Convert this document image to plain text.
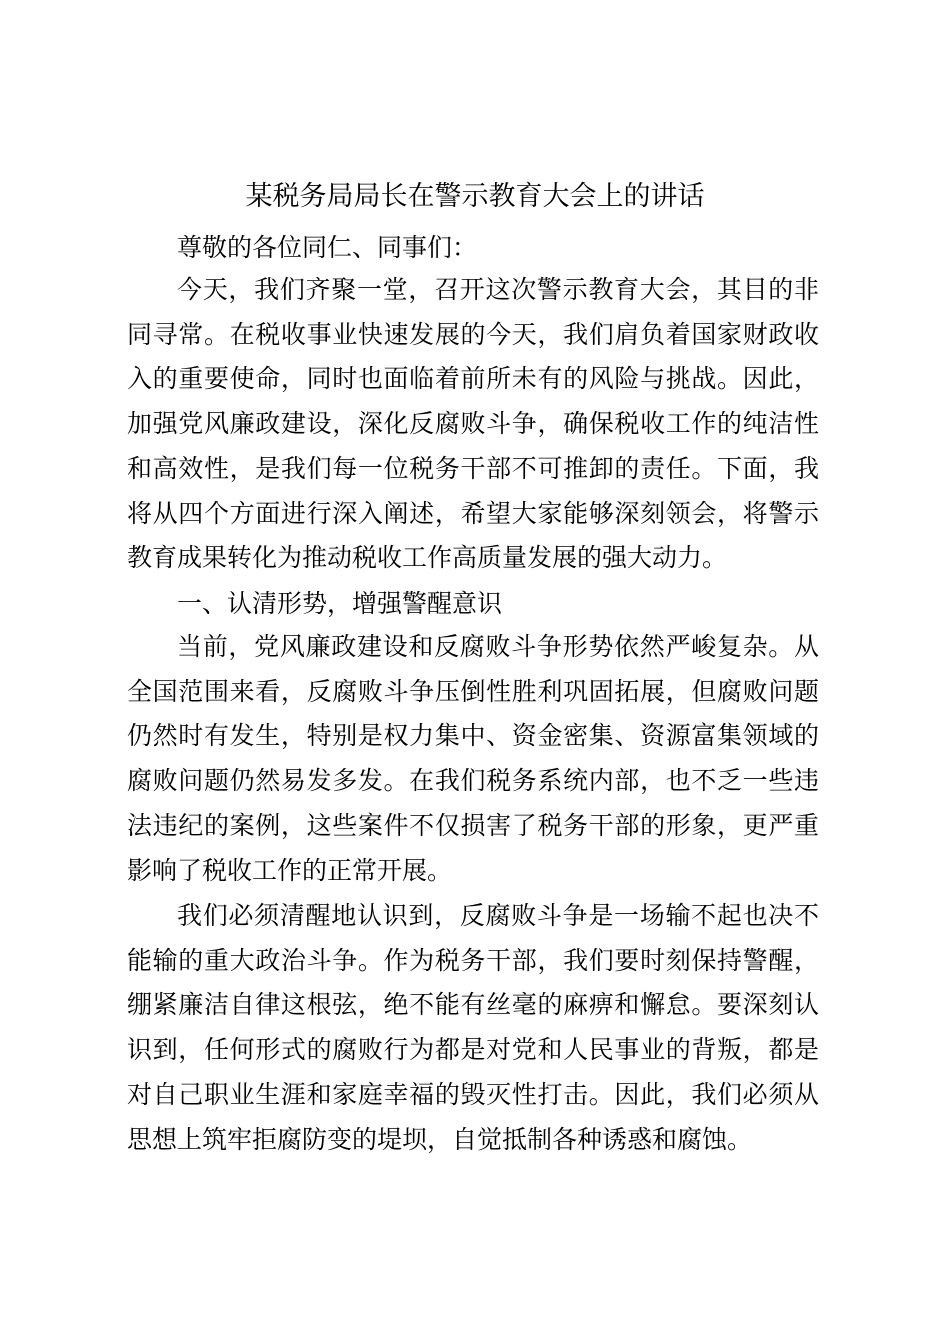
某税务局局长在警示教育大会上的讲话
尊敬的各位同仁、同事们：

今天，我们齐聚一堂，召开这次警示教育大会，其目的非同寻常。在税收事业快速发展的今天，我们肩负着国家财政收入的重要使命，同时也面临着前所未有的风险与挑战。因此，加强党风廉政建设，深化反腐败斗争，确保税收工作的纯洁性和高效性，是我们每一位税务干部不可推卸的责任。下面，我将从四个方面进行深入阐述，希望大家能够深刻领会，将警示教育成果转化为推动税收工作高质量发展的强大动力。

一、认清形势，增强警醒意识

当前，党风廉政建设和反腐败斗争形势依然严峻复杂。从全国范围来看，反腐败斗争压倒性胜利巩固拓展，但腐败问题仍然时有发生，特别是权力集中、资金密集、资源富集领域的腐败问题仍然易发多发。在我们税务系统内部，也不乏一些违法违纪的案例，这些案件不仅损害了税务干部的形象，更严重影响了税收工作的正常开展。

我们必须清醒地认识到，反腐败斗争是一场输不起也决不能输的重大政治斗争。作为税务干部，我们要时刻保持警醒，绷紧廉洁自律这根弦，绝不能有丝毫的麻痹和懈怠。要深刻认识到，任何形式的腐败行为都是对党和人民事业的背叛，都是对自己职业生涯和家庭幸福的毁灭性打击。因此，我们必须从思想上筑牢拒腐防变的堤坝，自觉抵制各种诱惑和腐蚀。
